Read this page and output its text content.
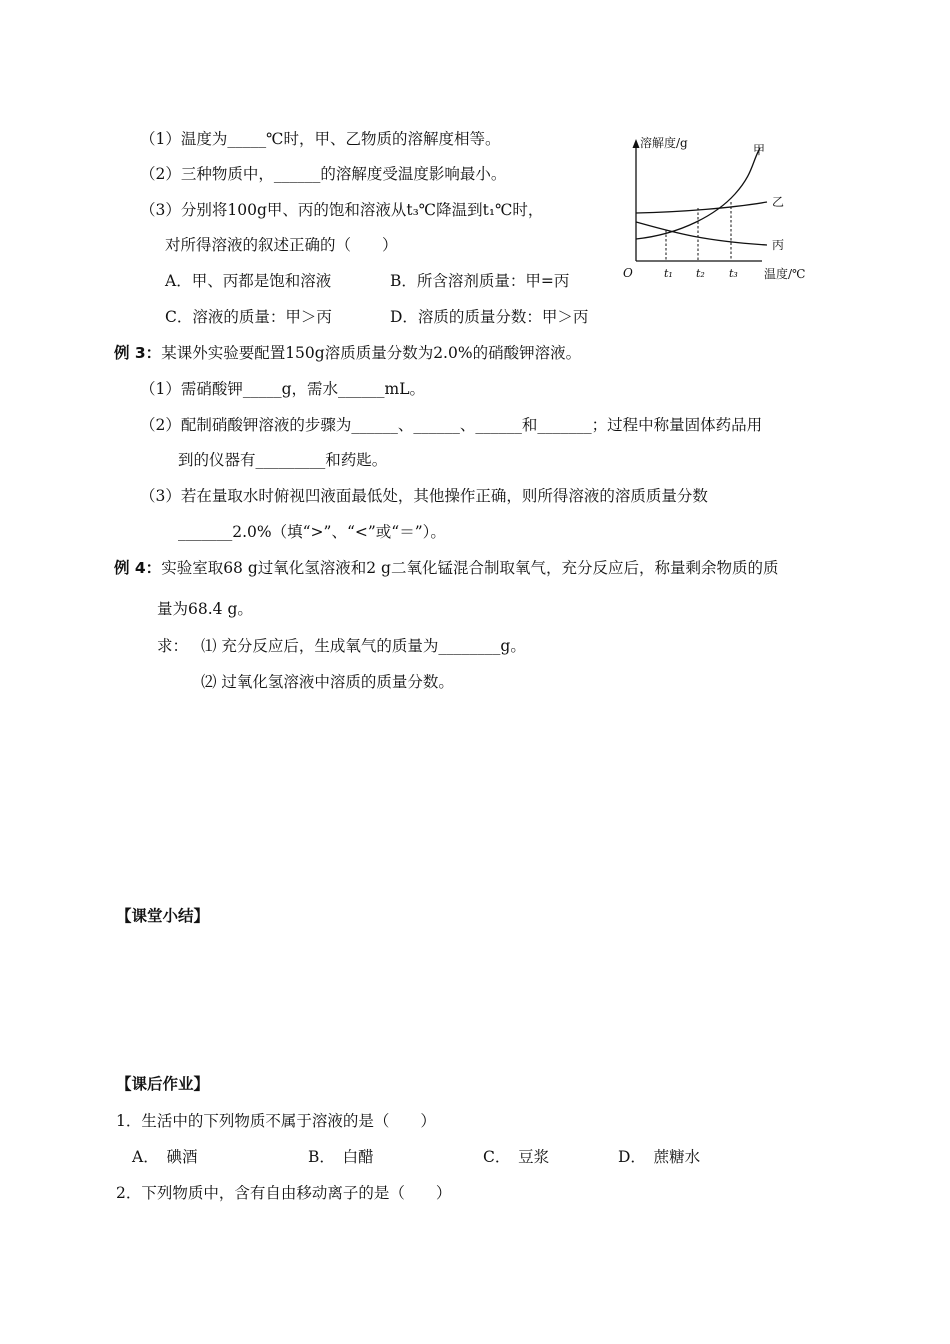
（1）温度为_____℃时，甲、乙物质的溶解度相等。
（2）三种物质中，______的溶解度受温度影响最小。
（3）分别将100g甲、丙的饱和溶液从t₃℃降温到t₁℃时，
对所得溶液的叙述正确的（　　）
A．甲、丙都是饱和溶液	B．所含溶剂质量：甲=丙
C．溶液的质量：甲＞丙	D．溶质的质量分数：甲＞丙
t₁ t₂ t₃
甲
乙
丙
溶解度/g
温度/℃
O
例 3：某课外实验要配置150g溶质质量分数为2.0%的硝酸钾溶液。
（1）需硝酸钾_____g，需水______mL。
（2）配制硝酸钾溶液的步骤为______、______、______和_______；过程中称量固体药品用
到的仪器有_________和药匙。
（3）若在量取水时俯视凹液面最低处，其他操作正确，则所得溶液的溶质质量分数
_______2.0%（填“>”、“<”或“＝”）。
例 4：实验室取68 g过氧化氢溶液和2 g二氧化锰混合制取氧气，充分反应后，称量剩余物质的质
量为68.4 g。
求： ⑴ 充分反应后，生成氧气的质量为________g。
⑵ 过氧化氢溶液中溶质的质量分数。
【课堂小结】
【课后作业】
1．生活中的下列物质不属于溶液的是（　　）
A．　碘酒	B．　白醋	C．　豆浆	D．　蔗糖水
2．下列物质中，含有自由移动离子的是（　　）
